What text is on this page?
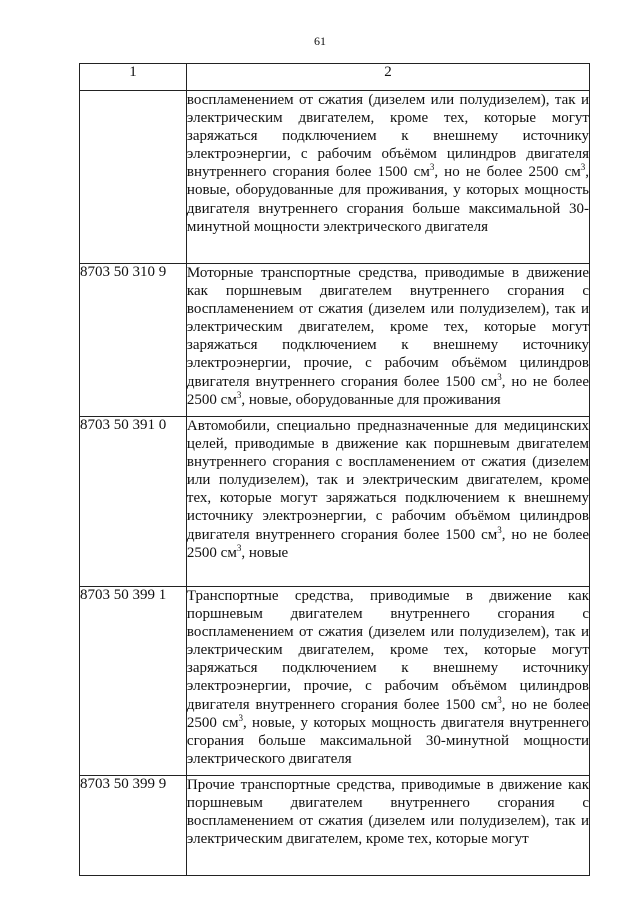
61
1	2
	воспламенением от сжатия (дизелем или полудизелем), так и электрическим двигателем, кроме тех, которые могут заряжаться подключением к внешнему источнику электроэнергии, с рабочим объёмом цилиндров двигателя внутреннего сгорания более 1500 $см^3$, но не более 2500 $см^3$, новые, оборудованные для проживания, у которых мощность двигателя внутреннего сгорания больше максимальной 30-минутной мощности электрического двигателя
8703 50 310 9	Моторные транспортные средства, приводимые в движение как поршневым двигателем внутреннего сгорания с воспламенением от сжатия (дизелем или полудизелем), так и электрическим двигателем, кроме тех, которые могут заряжаться подключением к внешнему источнику электроэнергии, прочие, с рабочим объёмом цилиндров двигателя внутреннего сгорания более 1500 $см^3$, но не более 2500 $см^3$, новые, оборудованные для проживания
8703 50 391 0	Автомобили, специально предназначенные для медицинских целей, приводимые в движение как поршневым двигателем внутреннего сгорания с воспламенением от сжатия (дизелем или полудизелем), так и электрическим двигателем, кроме тех, которые могут заряжаться подключением к внешнему источнику электроэнергии, с рабочим объёмом цилиндров двигателя внутреннего сгорания более 1500 $см^3$, но не более 2500 $см^3$, новые
8703 50 399 1	Транспортные средства, приводимые в движение как поршневым двигателем внутреннего сгорания с воспламенением от сжатия (дизелем или полудизелем), так и электрическим двигателем, кроме тех, которые могут заряжаться подключением к внешнему источнику электроэнергии, прочие, с рабочим объёмом цилиндров двигателя внутреннего сгорания более 1500 $см^3$, но не более 2500 $см^3$, новые, у которых мощность двигателя внутреннего сгорания больше максимальной 30-минутной мощности электрического двигателя
8703 50 399 9	Прочие транспортные средства, приводимые в движение как поршневым двигателем внутреннего сгорания с воспламенением от сжатия (дизелем или полудизелем), так и электрическим двигателем, кроме тех, которые могут
